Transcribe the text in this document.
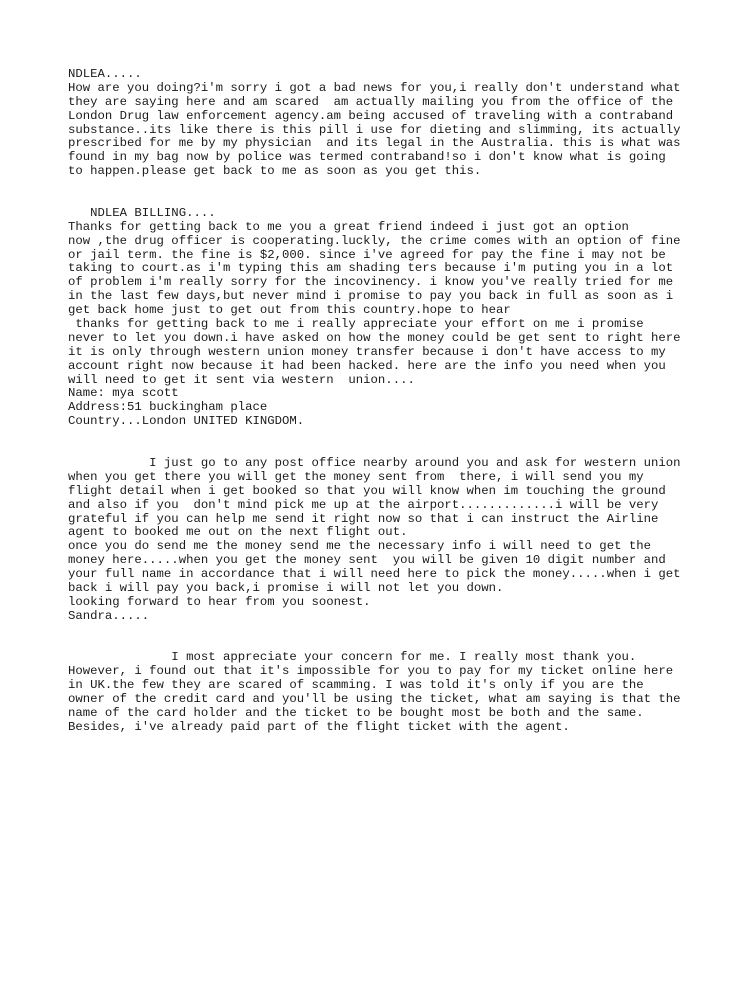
NDLEA.....
How are you doing?i'm sorry i got a bad news for you,i really don't understand what
they are saying here and am scared  am actually mailing you from the office of the
London Drug law enforcement agency.am being accused of traveling with a contraband
substance..its like there is this pill i use for dieting and slimming, its actually
prescribed for me by my physician  and its legal in the Australia. this is what was
found in my bag now by police was termed contraband!so i don't know what is going
to happen.please get back to me as soon as you get this.
NDLEA BILLING....
Thanks for getting back to me you a great friend indeed i just got an option
now ,the drug officer is cooperating.luckly, the crime comes with an option of fine
or jail term. the fine is $2,000. since i've agreed for pay the fine i may not be
taking to court.as i'm typing this am shading ters because i'm puting you in a lot
of problem i'm really sorry for the incovinency. i know you've really tried for me
in the last few days,but never mind i promise to pay you back in full as soon as i
get back home just to get out from this country.hope to hear
thanks for getting back to me i really appreciate your effort on me i promise
never to let you down.i have asked on how the money could be get sent to right here
it is only through western union money transfer because i don't have access to my
account right now because it had been hacked. here are the info you need when you
will need to get it sent via western  union....
Name: mya scott
Address:51 buckingham place
Country...London UNITED KINGDOM.
I just go to any post office nearby around you and ask for western union
when you get there you will get the money sent from  there, i will send you my
flight detail when i get booked so that you will know when im touching the ground
and also if you  don't mind pick me up at the airport.............i will be very
grateful if you can help me send it right now so that i can instruct the Airline
agent to booked me out on the next flight out.
once you do send me the money send me the necessary info i will need to get the
money here.....when you get the money sent  you will be given 10 digit number and
your full name in accordance that i will need here to pick the money.....when i get
back i will pay you back,i promise i will not let you down.
looking forward to hear from you soonest.
Sandra.....
I most appreciate your concern for me. I really most thank you.
However, i found out that it's impossible for you to pay for my ticket online here
in UK.the few they are scared of scamming. I was told it's only if you are the
owner of the credit card and you'll be using the ticket, what am saying is that the
name of the card holder and the ticket to be bought most be both and the same.
Besides, i've already paid part of the flight ticket with the agent.
